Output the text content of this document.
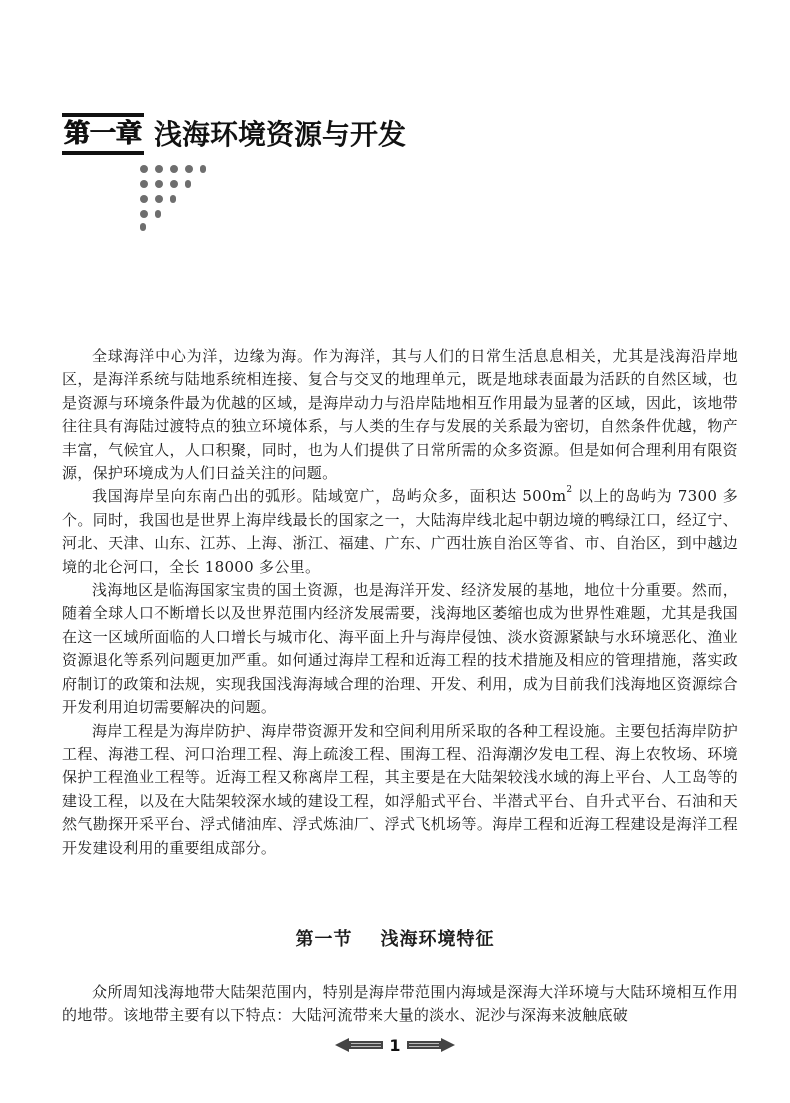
第一章 浅海环境资源与开发

全球海洋中心为洋，边缘为海。作为海洋，其与人们的日常生活息息相关，尤其是浅海沿岸地区，是海洋系统与陆地系统相连接、复合与交叉的地理单元，既是地球表面最为活跃的自然区域，也是资源与环境条件最为优越的区域，是海岸动力与沿岸陆地相互作用最为显著的区域，因此，该地带往往具有海陆过渡特点的独立环境体系，与人类的生存与发展的关系最为密切，自然条件优越，物产丰富，气候宜人，人口积聚，同时，也为人们提供了日常所需的众多资源。但是如何合理利用有限资源，保护环境成为人们日益关注的问题。

我国海岸呈向东南凸出的弧形。陆域宽广，岛屿众多，面积达 $500m^2$ 以上的岛屿为 7300 多个。同时，我国也是世界上海岸线最长的国家之一，大陆海岸线北起中朝边境的鸭绿江口，经辽宁、河北、天津、山东、江苏、上海、浙江、福建、广东、广西壮族自治区等省、市、自治区，到中越边境的北仑河口，全长 18000 多公里。

浅海地区是临海国家宝贵的国土资源，也是海洋开发、经济发展的基地，地位十分重要。然而，随着全球人口不断增长以及世界范围内经济发展需要，浅海地区萎缩也成为世界性难题，尤其是我国在这一区域所面临的人口增长与城市化、海平面上升与海岸侵蚀、淡水资源紧缺与水环境恶化、渔业资源退化等系列问题更加严重。如何通过海岸工程和近海工程的技术措施及相应的管理措施，落实政府制订的政策和法规，实现我国浅海海域合理的治理、开发、利用，成为目前我们浅海地区资源综合开发利用迫切需要解决的问题。

海岸工程是为海岸防护、海岸带资源开发和空间利用所采取的各种工程设施。主要包括海岸防护工程、海港工程、河口治理工程、海上疏浚工程、围海工程、沿海潮汐发电工程、海上农牧场、环境保护工程渔业工程等。近海工程又称离岸工程，其主要是在大陆架较浅水域的海上平台、人工岛等的建设工程，以及在大陆架较深水域的建设工程，如浮船式平台、半潜式平台、自升式平台、石油和天然气勘探开采平台、浮式储油库、浮式炼油厂、浮式飞机场等。海岸工程和近海工程建设是海洋工程开发建设利用的重要组成部分。

第一节 浅海环境特征

众所周知浅海地带大陆架范围内，特别是海岸带范围内海域是深海大洋环境与大陆环境相互作用的地带。该地带主要有以下特点：大陆河流带来大量的淡水、泥沙与深海来波触底破

1
